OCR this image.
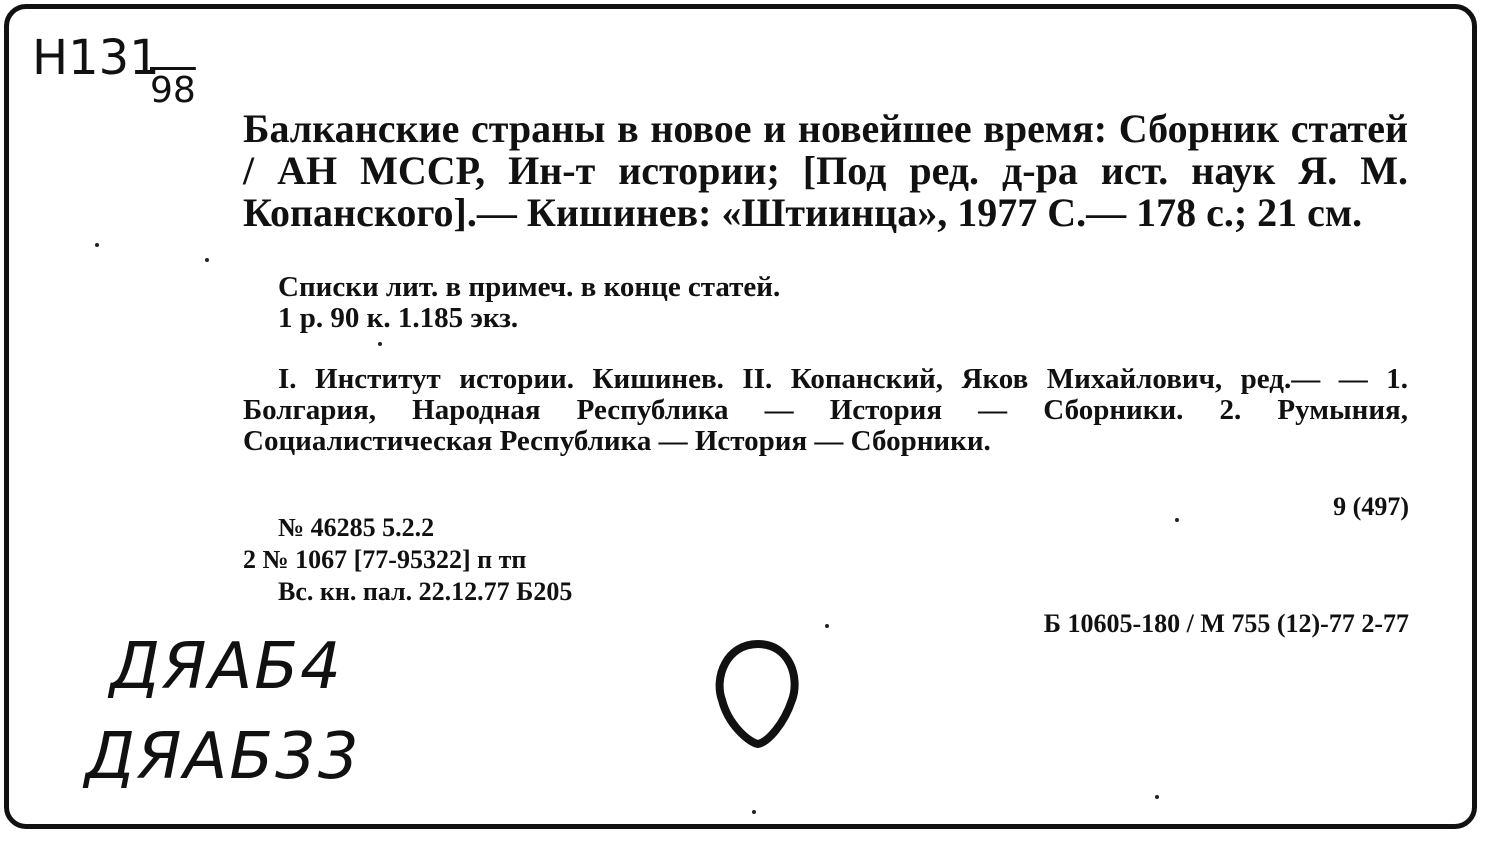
Н131
98
Балканские страны в новое и новейшее время: Сборник статей / АН МССР, Ин-т истории; [Под ред. д-ра ист. наук Я. М. Копанского].— Кишинев: «Штиинца», 1977 С.— 178 с.; 21 см.
Списки лит. в примеч. в конце статей.
1 р. 90 к. 1.185 экз.
I. Институт истории. Кишинев. II. Копанский, Яков Михайлович, ред.— — 1. Болгария, Народная Республика — История — Сборники. 2. Румыния, Социалистическая Республика — История — Сборники.
9 (497)
№ 46285 5.2.2
2 № 1067 [77-95322] п тп
Вс. кн. пал. 22.12.77 Б205
Б 10605-180 / М 755 (12)-77 2-77
ДЯАБ4
ДЯАБ33
